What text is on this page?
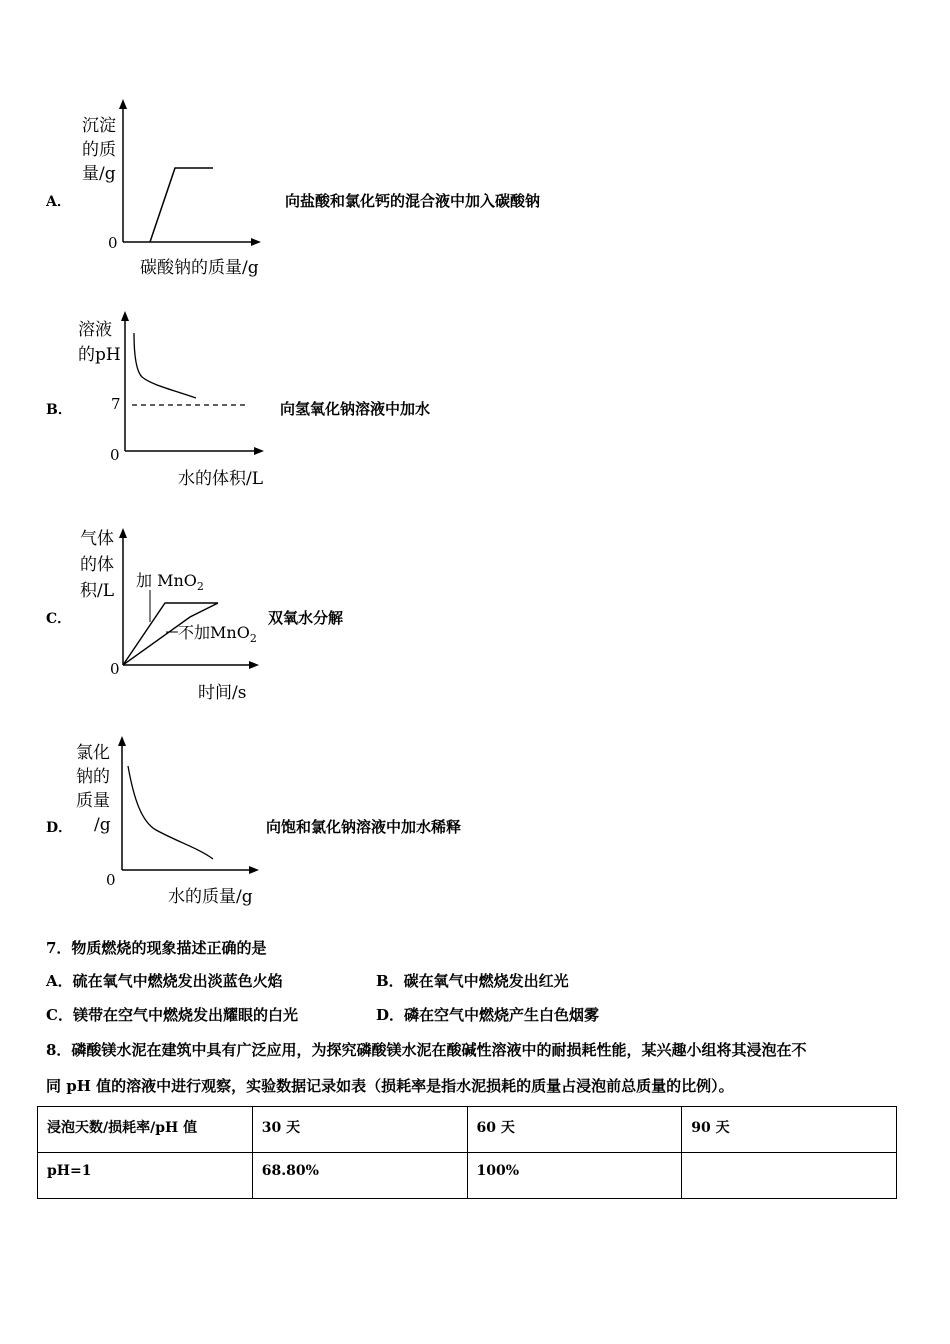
A．	向盐酸和氯化钙的混合液中加入碳酸钠
沉淀
的质
量/g
0
碳酸钠的质量/g
B．	向氢氧化钠溶液中加水
溶液
的pH
0
7
水的体积/L
C．	双氧水分解
气体
的体
积/L
0
加 MnO$_2$
不加MnO$_2$
时间/s
D．	向饱和氯化钠溶液中加水稀释
氯化
钠的
质量
/g
0
水的质量/g
7．物质燃烧的现象描述正确的是
A．硫在氧气中燃烧发出淡蓝色火焰	B．碳在氧气中燃烧发出红光
C．镁带在空气中燃烧发出耀眼的白光	D．磷在空气中燃烧产生白色烟雾
8．磷酸镁水泥在建筑中具有广泛应用，为探究磷酸镁水泥在酸碱性溶液中的耐损耗性能，某兴趣小组将其浸泡在不
同 pH 值的溶液中进行观察，实验数据记录如表（损耗率是指水泥损耗的质量占浸泡前总质量的比例）。
浸泡天数/损耗率/pH 值	30 天	60 天	90 天
pH=1	68.80%	100%	
